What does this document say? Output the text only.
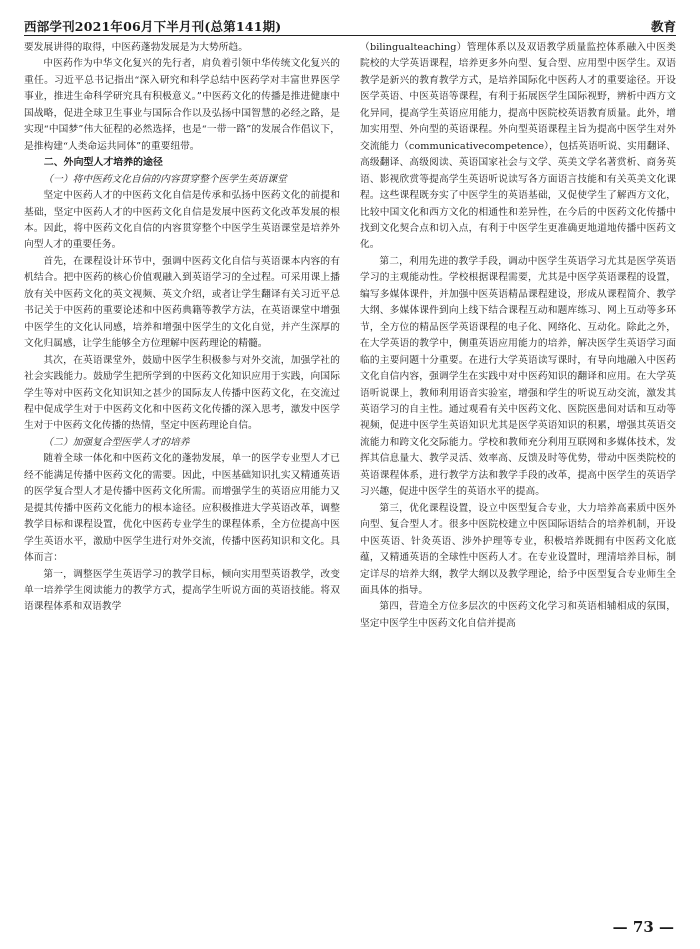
西部学刊2021年06月下半月刊(总第141期)	教育

要发展讲得的取得，中医药蓬勃发展是为大势所趋。

中医药作为中华文化复兴的先行者，肩负着引领中华传统文化复兴的重任。习近平总书记指出“深入研究和科学总结中医药学对丰富世界医学事业，推进生命科学研究具有积极意义。”中医药文化的传播是推进健康中国战略，促进全球卫生事业与国际合作以及弘扬中国智慧的必经之路，是实现“中国梦”伟大征程的必然选择，也是“一带一路”的发展合作倡议下，是推构建“人类命运共同体”的重要纽带。

二、外向型人才培养的途径
（一）将中医药文化自信的内容贯穿整个医学生英语课堂

坚定中医药人才的中医药文化自信是传承和弘扬中医药文化的前提和基础，坚定中医药人才的中医药文化自信是发展中医药文化改革发展的根本。因此，将中医药文化自信的内容贯穿整个中医学生英语课堂是培养外向型人才的重要任务。

首先，在课程设计环节中，强调中医药文化自信与英语课本内容的有机结合。把中医药的核心价值观融入到英语学习的全过程。可采用课上播放有关中医药文化的英文视频、英文介绍，或者让学生翻译有关习近平总书记关于中医药的重要论述和中医药典籍等教学方法，在英语课堂中增强中医学生的文化认同感，培养和增强中医学生的文化自觉，并产生深厚的文化归属感，让学生能够全方位理解中医药理论的精髓。

其次，在英语课堂外，鼓励中医学生积极参与对外交流，加强学社的社会实践能力。鼓励学生把所学到的中医药文化知识应用于实践，向国际学生等对中医药文化知识知之甚少的国际友人传播中医药文化，在交流过程中促成学生对于中医药文化和中医药文化传播的深入思考，激发中医学生对于中医药文化传播的热情，坚定中医药理论自信。

（二）加强复合型医学人才的培养

随着全球一体化和中医药文化的蓬勃发展，单一的医学专业型人才已经不能满足传播中医药文化的需要。因此，中医基础知识扎实又精通英语的医学复合型人才是传播中医药文化所需。而增强学生的英语应用能力又是提其传播中医药文化能力的根本途径。应积极推进大学英语改革，调整教学目标和课程设置，优化中医药专业学生的课程体系，全方位提高中医学生英语水平，激励中医学生进行对外交流，传播中医药知识和文化。具体而言：

第一，调整医学生英语学习的教学目标，倾向实用型英语教学，改变单一培养学生阅读能力的教学方式，提高学生听说方面的英语技能。将双语课程体系和双语教学

（bilingualteaching）管理体系以及双语教学质量监控体系融入中医类院校的大学英语课程，培养更多外向型、复合型、应用型中医学生。双语教学是新兴的教育教学方式，是培养国际化中医药人才的重要途径。开设医学英语、中医英语等课程，有利于拓展医学生国际视野，辨析中西方文化异同，提高学生英语应用能力，提高中医院校英语教育质量。此外，增加实用型、外向型的英语课程。外向型英语课程主旨为提高中医学生对外交流能力（communicativecompetence），包括英语听说、实用翻译、高级翻译、高级阅读、英语国家社会与文学、英美文学名著赏析、商务英语、影视欣赏等提高学生英语听说读写各方面语言技能和有关英美文化课程。这些课程既夯实了中医学生的英语基础，又促使学生了解西方文化，比较中国文化和西方文化的相通性和差异性，在今后的中医药文化传播中找到文化契合点和切入点，有利于中医学生更准确更地道地传播中医药文化。

第二，利用先进的教学手段，调动中医学生英语学习尤其是医学英语学习的主观能动性。学校根据课程需要，尤其是中医学英语课程的设置，编写多媒体课件，并加强中医英语精品课程建设，形成从课程简介、教学大纲、多媒体课件到向上线下结合课程互动和题库练习、网上互动等多环节，全方位的精品医学英语课程的电子化、网络化、互动化。除此之外，在大学英语的教学中，侧重英语应用能力的培养，解决医学生英语学习面临的主要问题十分重要。在进行大学英语读写课时，有导向地融入中医药文化自信内容，强调学生在实践中对中医药知识的翻译和应用。在大学英语听说课上，教师利用语音实验室，增强和学生的听说互动交流，激发其英语学习的自主性。通过观看有关中医药文化、医院医患间对话和互动等视频，促进中医学生英语知识尤其是医学英语知识的积累，增强其英语交流能力和跨文化交际能力。学校和教师充分利用互联网和多媒体技术，发挥其信息量大、教学灵活、效率高、反馈及时等优势，带动中医类院校的英语课程体系，进行教学方法和教学手段的改革，提高中医学生的英语学习兴趣，促进中医学生的英语水平的提高。

第三，优化课程设置，设立中医型复合专业，大力培养高素质中医外向型、复合型人才。很多中医院校建立中医国际语结合的培养机制，开设中医英语、针灸英语、涉外护理等专业，积极培养既拥有中医药文化底蕴，又精通英语的全球性中医药人才。在专业设置时，理清培养目标，制定详尽的培养大纲，教学大纲以及教学理论，给予中医型复合专业师生全面具体的指导。

第四，营造全方位多层次的中医药文化学习和英语相辅相成的氛围，坚定中医学生中医药文化自信并提高

— 73 —
